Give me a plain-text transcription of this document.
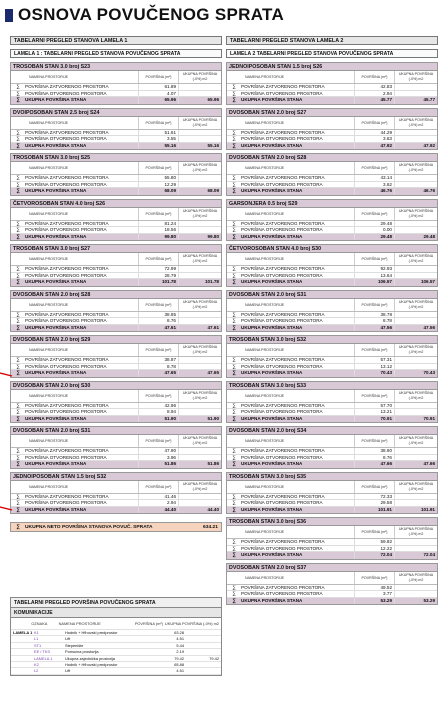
OSNOVA POVUČENOG SPRATA
TABELARNI PREGLED STANOVA LAMELA 1
LAMELA 1 : TABELARNI PREGLED STANOVA POVUČENOG SPRATA
TROSOBAN STAN 3.0 broj S23
NAMENA PROSTORIJE	POVRŠINA (m²)
UKUPNA POVRŠINA (-0%) m2
∑	POVRŠINA ZATVORENOG PROSTORA	61.89
∑	POVRŠINA OTVORENOG PROSTORA	4.07
∑	UKUPNA POVRŠINA STANA	65.96	65.96
DVOIPOSOBAN STAN 2.5 broj S24
NAMENA PROSTORIJE	POVRŠINA (m²)
UKUPNA POVRŠINA (-0%) m2
∑	POVRŠINA ZATVORENOG PROSTORA	51.61
∑	POVRŠINA OTVORENOG PROSTORA	3.55
∑	UKUPNA POVRŠINA STANA	55.16	55.16
TROSOBAN STAN 3.0 broj S25
NAMENA PROSTORIJE	POVRŠINA (m²)
UKUPNA POVRŠINA (-0%) m2
∑	POVRŠINA ZATVORENOG PROSTORA	55.80
∑	POVRŠINA OTVORENOG PROSTORA	12.29
∑	UKUPNA POVRŠINA STANA	68.09	68.09
ČETVOROSOBAN STAN 4.0 broj S26
NAMENA PROSTORIJE	POVRŠINA (m²)
UKUPNA POVRŠINA (-0%) m2
∑	POVRŠINA ZATVORENOG PROSTORA	81.24
∑	POVRŠINA OTVORENOG PROSTORA	18.56
∑	UKUPNA POVRŠINA STANA	99.80	99.80
TROSOBAN STAN 3.0 broj S27
NAMENA PROSTORIJE	POVRŠINA (m²)
UKUPNA POVRŠINA (-0%) m2
∑	POVRŠINA ZATVORENOG PROSTORA	72.99
∑	POVRŠINA OTVORENOG PROSTORA	28.79
∑	UKUPNA POVRŠINA STANA	101.78	101.78
DVOSOBAN STAN 2.0 broj S28
NAMENA PROSTORIJE	POVRŠINA (m²)
UKUPNA POVRŠINA (-0%) m2
∑	POVRŠINA ZATVORENOG PROSTORA	38.85
∑	POVRŠINA OTVORENOG PROSTORA	8.76
∑	UKUPNA POVRŠINA STANA	47.61	47.61
DVOSOBAN STAN 2.0 broj S29
NAMENA PROSTORIJE	POVRŠINA (m²)
UKUPNA POVRŠINA (-0%) m2
∑	POVRŠINA ZATVORENOG PROSTORA	38.87
∑	POVRŠINA OTVORENOG PROSTORA	8.78
∑	UKUPNA POVRŠINA STANA	47.65	47.65
DVOSOBAN STAN 2.0 broj S30
NAMENA PROSTORIJE	POVRŠINA (m²)
UKUPNA POVRŠINA (-0%) m2
∑	POVRŠINA ZATVORENOG PROSTORA	42.96
∑	POVRŠINA OTVORENOG PROSTORA	8.94
∑	UKUPNA POVRŠINA STANA	51.90	51.90
DVOSOBAN STAN 2.0 broj S31
NAMENA PROSTORIJE	POVRŠINA (m²)
UKUPNA POVRŠINA (-0%) m2
∑	POVRŠINA ZATVORENOG PROSTORA	47.90
∑	POVRŠINA OTVORENOG PROSTORA	3.96
∑	UKUPNA POVRŠINA STANA	51.86	51.86
JEDNOIPOSOBAN STAN 1.5 broj S32
NAMENA PROSTORIJE	POVRŠINA (m²)
UKUPNA POVRŠINA (-0%) m2
∑	POVRŠINA ZATVORENOG PROSTORA	41.46
∑	POVRŠINA OTVORENOG PROSTORA	2.94
∑	UKUPNA POVRŠINA STANA	44.40	44.40
∑	UKUPNA NETO POVRŠINA STANOVA POVUČ. SPRATA	634.21
TABELARNI PREGLED STANOVA LAMELA 2
LAMELA 2 TABELARNI PREGLED STANOVA POVUČENOG SPRATA
JEDNOIPOSOBAN STAN 1.5 broj S26
NAMENA PROSTORIJE	POVRŠINA (m²)
UKUPNA POVRŠINA (-0%) m2
∑	POVRŠINA ZATVORENOG PROSTORA	42.83
∑	POVRŠINA OTVORENOG PROSTORA	2.94
∑	UKUPNA POVRŠINA STANA	45.77	45.77
DVOSOBAN STAN 2.0 broj S27
NAMENA PROSTORIJE	POVRŠINA (m²)
UKUPNA POVRŠINA (-0%) m2
∑	POVRŠINA ZATVORENOG PROSTORA	44.29
∑	POVRŠINA OTVORENOG PROSTORA	3.63
∑	UKUPNA POVRŠINA STANA	47.92	47.92
DVOSOBAN STAN 2.0 broj S28
NAMENA PROSTORIJE	POVRŠINA (m²)
UKUPNA POVRŠINA (-0%) m2
∑	POVRŠINA ZATVORENOG PROSTORA	43.14
∑	POVRŠINA OTVORENOG PROSTORA	3.62
∑	UKUPNA POVRŠINA STANA	46.76	46.76
GARSONJERA 0.5 broj S29
NAMENA PROSTORIJE	POVRŠINA (m²)
UKUPNA POVRŠINA (-0%) m2
∑	POVRŠINA ZATVORENOG PROSTORA	29.48
∑	POVRŠINA OTVORENOG PROSTORA	0.00
∑	UKUPNA POVRŠINA STANA	29.48	29.48
ČETVOROSOBAN STAN 4.0 broj S30
NAMENA PROSTORIJE	POVRŠINA (m²)
UKUPNA POVRŠINA (-0%) m2
∑	POVRŠINA ZATVORENOG PROSTORA	92.93
∑	POVRŠINA OTVORENOG PROSTORA	13.64
∑	UKUPNA POVRŠINA STANA	106.57	106.57
DVOSOBAN STAN 2.0 broj S31
NAMENA PROSTORIJE	POVRŠINA (m²)
UKUPNA POVRŠINA (-0%) m2
∑	POVRŠINA ZATVORENOG PROSTORA	38.78
∑	POVRŠINA OTVORENOG PROSTORA	8.78
∑	UKUPNA POVRŠINA STANA	47.56	47.56
TROSOBAN STAN 3.0 broj S32
NAMENA PROSTORIJE	POVRŠINA (m²)
UKUPNA POVRŠINA (-0%) m2
∑	POVRŠINA ZATVORENOG PROSTORA	57.31
∑	POVRŠINA OTVORENOG PROSTORA	13.12
∑	UKUPNA POVRŠINA STANA	70.43	70.43
TROSOBAN STAN 3.0 broj S33
NAMENA PROSTORIJE	POVRŠINA (m²)
UKUPNA POVRŠINA (-0%) m2
∑	POVRŠINA ZATVORENOG PROSTORA	57.70
∑	POVRŠINA OTVORENOG PROSTORA	13.21
∑	UKUPNA POVRŠINA STANA	70.91	70.91
DVOSOBAN STAN 2.0 broj S34
NAMENA PROSTORIJE	POVRŠINA (m²)
UKUPNA POVRŠINA (-0%) m2
∑	POVRŠINA ZATVORENOG PROSTORA	38.90
∑	POVRŠINA OTVORENOG PROSTORA	8.76
∑	UKUPNA POVRŠINA STANA	47.66	47.66
TROSOBAN STAN 3.0 broj S35
NAMENA PROSTORIJE	POVRŠINA (m²)
UKUPNA POVRŠINA (-0%) m2
∑	POVRŠINA ZATVORENOG PROSTORA	72.33
∑	POVRŠINA OTVORENOG PROSTORA	29.58
∑	UKUPNA POVRŠINA STANA	101.91	101.91
TROSOBAN STAN 3.0 broj S36
NAMENA PROSTORIJE	POVRŠINA (m²)
UKUPNA POVRŠINA (-0%) m2
∑	POVRŠINA ZATVORENOG PROSTORA	59.82
∑	POVRŠINA OTVORENOG PROSTORA	12.22
∑	UKUPNA POVRŠINA STANA	72.04	72.04
DVOSOBAN STAN 2.0 broj S37
NAMENA PROSTORIJE	POVRŠINA (m²)
UKUPNA POVRŠINA (-0%) m2
∑	POVRŠINA ZATVORENOG PROSTORA	49.52
∑	POVRŠINA OTVORENOG PROSTORA	3.77
∑	UKUPNA POVRŠINA STANA	53.29	53.29
TABELARNI PREGLED POVRŠINA POVUČENOG SPRATA
KOMUNIKACIJE
OZNAKA	NAMENA PROSTORIJE	POVRŠINA (m²) UKUPNA POVRŠINA (-0%) m2
LAMELA 1 K1	Hodnik + Hfhovski predprostor	63.28
L1	Lift	4.51
ST1	Stepenište	5.44
EE / TKS	Pomoćna prostorija	2.19
LAMELA 1	Ukupna zajednička prostorija	79.42	79.42
K2	Hodnik + Hfhovski predprostor	65.88
L2	Lift	4.51
